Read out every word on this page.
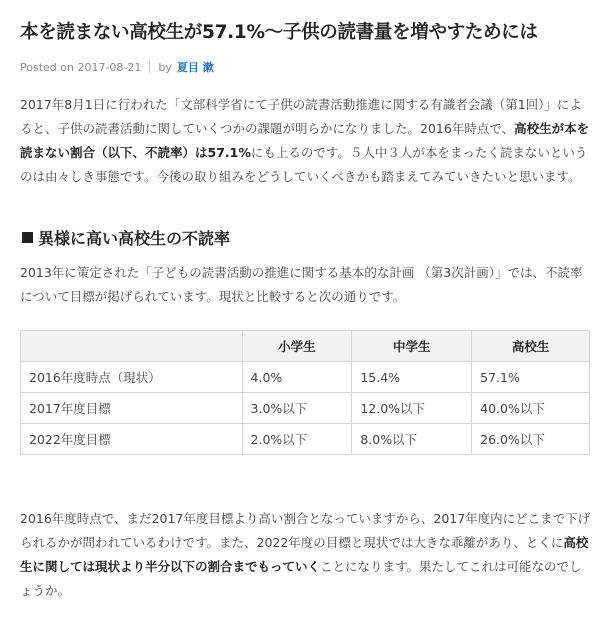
本を読まない高校生が57.1%〜子供の読書量を増やすためには
Posted on 2017-08-21 by 夏目 漱

2017年8月1日に行われた「文部科学省にて子供の読書活動推進に関する有識者会議（第1回）」によると、子供の読書活動に関していくつかの課題が明らかになりました。2016年時点で、高校生が本を読まない割合（以下、不読率）は57.1%にも上るのです。５人中３人が本をまったく読まないというのは由々しき事態です。今後の取り組みをどうしていくべきかも踏まえてみていきたいと思います。

異様に高い高校生の不読率

2013年に策定された「子どもの読書活動の推進に関する基本的な計画 （第3次計画）」では、不読率について目標が掲げられています。現状と比較すると次の通りです。

	小学生	中学生	高校生
2016年度時点（現状）	4.0%	15.4%	57.1%
2017年度目標	3.0%以下	12.0%以下	40.0%以下
2022年度目標	2.0%以下	8.0%以下	26.0%以下

2016年度時点で、まだ2017年度目標より高い割合となっていますから、2017年度内にどこまで下げられるかが問われているわけです。また、2022年度の目標と現状では大きな乖離があり、とくに高校生に関しては現状より半分以下の割合までもっていくことになります。果たしてこれは可能なのでしょうか。
